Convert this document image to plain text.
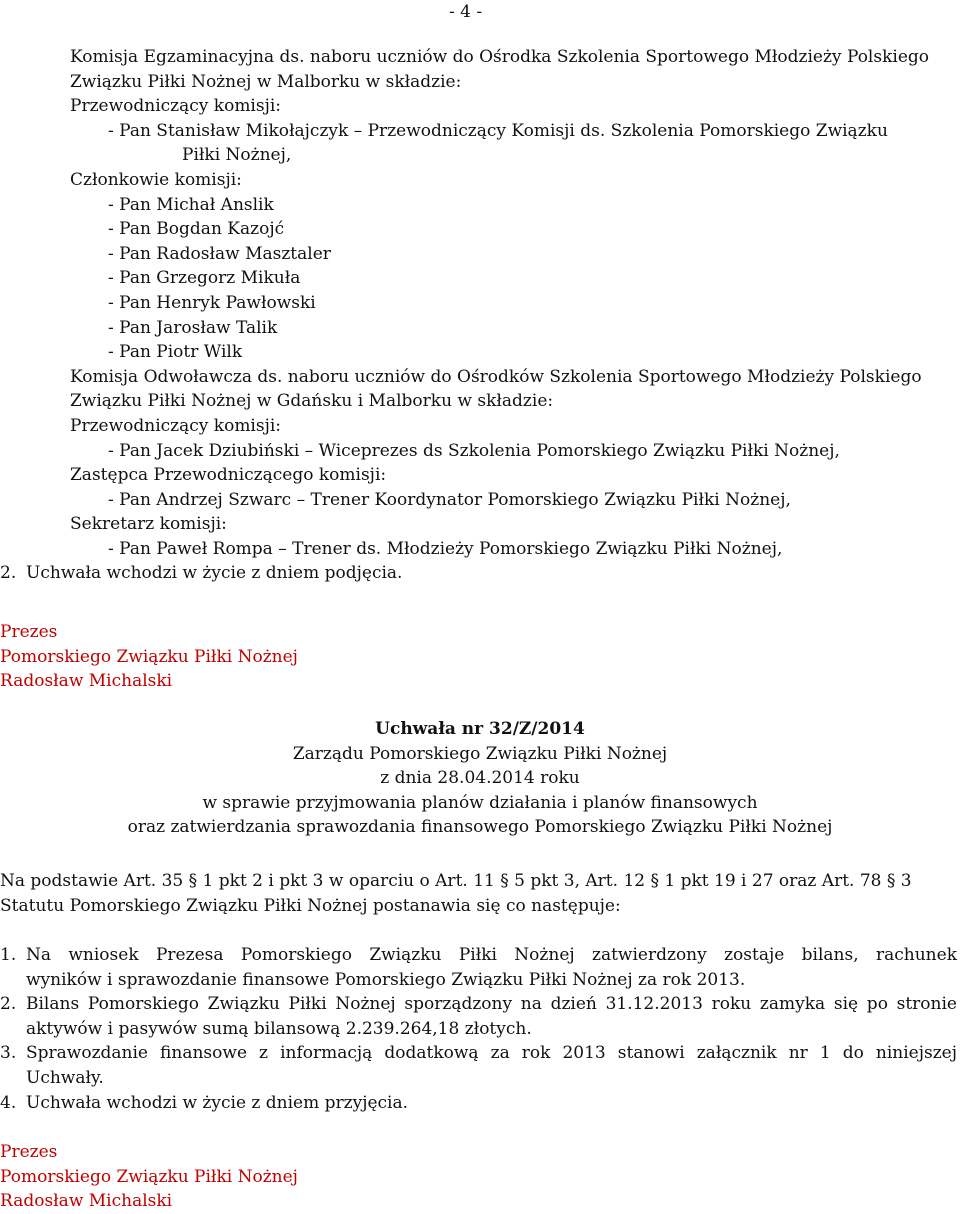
- 4 -
Komisja Egzaminacyjna ds. naboru uczniów do Ośrodka Szkolenia Sportowego Młodzieży Polskiego
Związku Piłki Nożnej w Malborku w składzie:
Przewodniczący komisji:
- Pan Stanisław Mikołajczyk – Przewodniczący Komisji ds. Szkolenia Pomorskiego Związku
Piłki Nożnej,
Członkowie komisji:
- Pan Michał Anslik
- Pan Bogdan Kazojć
- Pan Radosław Masztaler
- Pan Grzegorz Mikuła
- Pan Henryk Pawłowski
- Pan Jarosław Talik
- Pan Piotr Wilk
Komisja Odwoławcza ds. naboru uczniów do Ośrodków Szkolenia Sportowego Młodzieży Polskiego
Związku Piłki Nożnej w Gdańsku i Malborku w składzie:
Przewodniczący komisji:
- Pan Jacek Dziubiński – Wiceprezes ds Szkolenia Pomorskiego Związku Piłki Nożnej,
Zastępca Przewodniczącego komisji:
- Pan Andrzej Szwarc – Trener Koordynator Pomorskiego Związku Piłki Nożnej,
Sekretarz komisji:
- Pan Paweł Rompa – Trener ds. Młodzieży Pomorskiego Związku Piłki Nożnej,
2. Uchwała wchodzi w życie z dniem podjęcia.
Prezes
Pomorskiego Związku Piłki Nożnej
Radosław Michalski
Uchwała nr 32/Z/2014
Zarządu Pomorskiego Związku Piłki Nożnej
z dnia 28.04.2014 roku
w sprawie przyjmowania planów działania i planów finansowych
oraz zatwierdzania sprawozdania finansowego Pomorskiego Związku Piłki Nożnej
Na podstawie Art. 35 § 1 pkt 2 i pkt 3 w oparciu o Art. 11 § 5 pkt 3, Art. 12 § 1 pkt 19 i 27 oraz Art. 78 § 3
Statutu Pomorskiego Związku Piłki Nożnej postanawia się co następuje:
1. Na wniosek Prezesa Pomorskiego Związku Piłki Nożnej zatwierdzony zostaje bilans, rachunek
wyników i sprawozdanie finansowe Pomorskiego Związku Piłki Nożnej za rok 2013.
2. Bilans Pomorskiego Związku Piłki Nożnej sporządzony na dzień 31.12.2013 roku zamyka się po stronie
aktywów i pasywów sumą bilansową 2.239.264,18 złotych.
3. Sprawozdanie finansowe z informacją dodatkową za rok 2013 stanowi załącznik nr 1 do niniejszej
Uchwały.
4. Uchwała wchodzi w życie z dniem przyjęcia.
Prezes
Pomorskiego Związku Piłki Nożnej
Radosław Michalski
